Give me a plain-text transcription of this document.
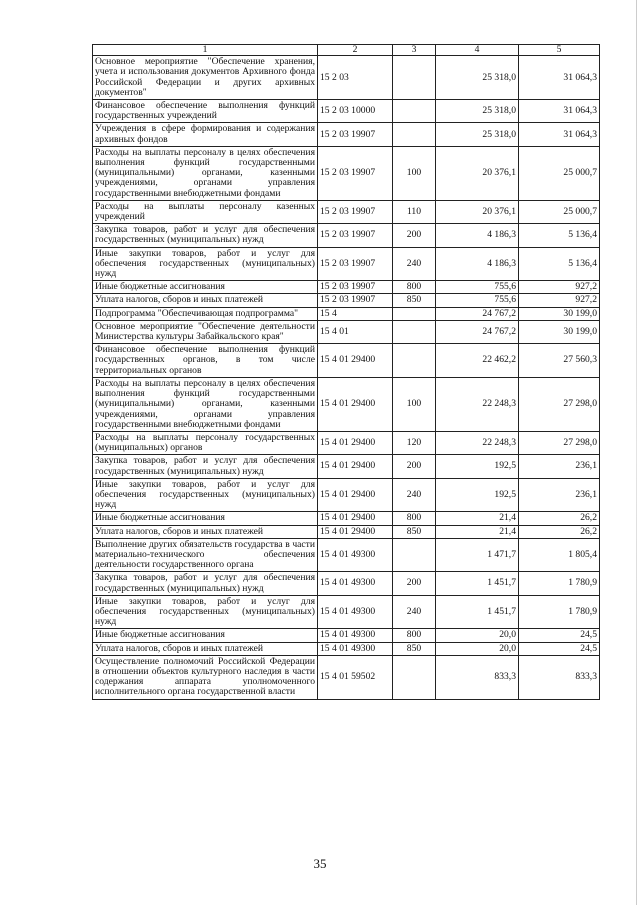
1	2	3	4	5
Основное мероприятие "Обеспечение хранения, учета и использования документов Архивного фонда Российской Федерации и других архивных документов"	15 2 03		25 318,0	31 064,3
Финансовое обеспечение выполнения функций государственных учреждений	15 2 03 10000		25 318,0	31 064,3
Учреждения в сфере формирования и содержания архивных фондов	15 2 03 19907		25 318,0	31 064,3
Расходы на выплаты персоналу в целях обеспечения выполнения функций государственными (муниципальными) органами, казенными учреждениями, органами управления государственными внебюджетными фондами	15 2 03 19907	100	20 376,1	25 000,7
Расходы на выплаты персоналу казенных учреждений	15 2 03 19907	110	20 376,1	25 000,7
Закупка товаров, работ и услуг для обеспечения государственных (муниципальных) нужд	15 2 03 19907	200	4 186,3	5 136,4
Иные закупки товаров, работ и услуг для обеспечения государственных (муниципальных) нужд	15 2 03 19907	240	4 186,3	5 136,4
Иные бюджетные ассигнования	15 2 03 19907	800	755,6	927,2
Уплата налогов, сборов и иных платежей	15 2 03 19907	850	755,6	927,2
Подпрограмма "Обеспечивающая подпрограмма"	15 4		24 767,2	30 199,0
Основное мероприятие "Обеспечение деятельности Министерства культуры Забайкальского края"	15 4 01		24 767,2	30 199,0
Финансовое обеспечение выполнения функций государственных органов, в том числе территориальных органов	15 4 01 29400		22 462,2	27 560,3
Расходы на выплаты персоналу в целях обеспечения выполнения функций государственными (муниципальными) органами, казенными учреждениями, органами управления государственными внебюджетными фондами	15 4 01 29400	100	22 248,3	27 298,0
Расходы на выплаты персоналу государственных (муниципальных) органов	15 4 01 29400	120	22 248,3	27 298,0
Закупка товаров, работ и услуг для обеспечения государственных (муниципальных) нужд	15 4 01 29400	200	192,5	236,1
Иные закупки товаров, работ и услуг для обеспечения государственных (муниципальных) нужд	15 4 01 29400	240	192,5	236,1
Иные бюджетные ассигнования	15 4 01 29400	800	21,4	26,2
Уплата налогов, сборов и иных платежей	15 4 01 29400	850	21,4	26,2
Выполнение других обязательств государства в части материально-технического обеспечения деятельности государственного органа	15 4 01 49300		1 471,7	1 805,4
Закупка товаров, работ и услуг для обеспечения государственных (муниципальных) нужд	15 4 01 49300	200	1 451,7	1 780,9
Иные закупки товаров, работ и услуг для обеспечения государственных (муниципальных) нужд	15 4 01 49300	240	1 451,7	1 780,9
Иные бюджетные ассигнования	15 4 01 49300	800	20,0	24,5
Уплата налогов, сборов и иных платежей	15 4 01 49300	850	20,0	24,5
Осуществление полномочий Российской Федерации в отношении объектов культурного наследия в части содержания аппарата уполномоченного исполнительного органа государственной власти	15 4 01 59502		833,3	833,3
35
